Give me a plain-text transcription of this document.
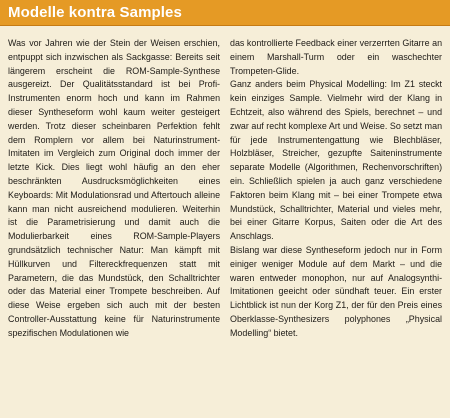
Modelle kontra Samples

Was vor Jahren wie der Stein der Weisen erschien, entpuppt sich inzwischen als Sackgasse: Bereits seit längerem erscheint die ROM-Sample-Synthese ausgereizt. Der Qualitätsstandard ist bei Profi-Instrumenten enorm hoch und kann im Rahmen dieser Syntheseform wohl kaum weiter gesteigert werden. Trotz dieser scheinbaren Perfektion fehlt dem Romplern vor allem bei Naturinstrument-Imitaten im Vergleich zum Original doch immer der letzte Kick. Dies liegt wohl häufig an den eher beschränkten Ausdrucksmöglichkeiten eines Keyboards: Mit Modulationsrad und Aftertouch alleine kann man nicht ausreichend modulieren. Weiterhin ist die Parametrisierung und damit auch die Modulierbarkeit eines ROM-Sample-Players grundsätzlich technischer Natur: Man kämpft mit Hüllkurven und Filtereckfrequenzen statt mit Parametern, die das Mundstück, den Schalltrichter oder das Material einer Trompete beschreiben. Auf diese Weise ergeben sich auch mit der besten Controller-Ausstattung keine für Naturinstrumente spezifischen Modulationen wie

das kontrollierte Feedback einer verzerrten Gitarre an einem Marshall-Turm oder ein waschechter Trompeten-Glide.

Ganz anders beim Physical Modelling: Im Z1 steckt kein einziges Sample. Vielmehr wird der Klang in Echtzeit, also während des Spiels, berechnet – und zwar auf recht komplexe Art und Weise. So setzt man für jede Instrumentengattung wie Blechbläser, Holzbläser, Streicher, gezupfte Saiteninstrumente separate Modelle (Algorithmen, Rechenvorschriften) ein. Schließlich spielen ja auch ganz verschiedene Faktoren beim Klang mit – bei einer Trompete etwa Mundstück, Schalltrichter, Material und vieles mehr, bei einer Gitarre Korpus, Saiten oder die Art des Anschlags.

Bislang war diese Syntheseform jedoch nur in Form einiger weniger Module auf dem Markt – und die waren entweder monophon, nur auf Analogsynthi-Imitationen geeicht oder sündhaft teuer. Ein erster Lichtblick ist nun der Korg Z1, der für den Preis eines Oberklasse-Synthesizers polyphones „Physical Modelling“ bietet.
